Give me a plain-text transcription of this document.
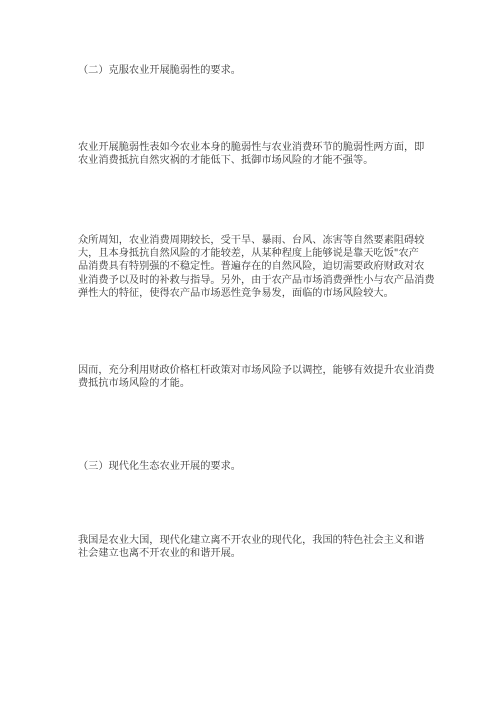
（二）克服农业开展脆弱性的要求。

农业开展脆弱性表如今农业本身的脆弱性与农业消费环节的脆弱性两方面，即
农业消费抵抗自然灾祸的才能低下、抵御市场风险的才能不强等。

众所周知，农业消费周期较长，受干旱、暴雨、台风、冻害等自然要素阻碍较
大，且本身抵抗自然风险的才能较差，从某种程度上能够说是靠天吃饭"农产
品消费具有特别强的不稳定性。普遍存在的自然风险，迫切需要政府财政对农
业消费予以及时的补救与指导。另外，由于农产品市场消费弹性小与农产品消费
弹性大的特征，使得农产品市场恶性竞争易发，面临的市场风险较大。

因而，充分利用财政价格杠杆政策对市场风险予以调控，能够有效提升农业消费
费抵抗市场风险的才能。

（三）现代化生态农业开展的要求。

我国是农业大国，现代化建立离不开农业的现代化，我国的特色社会主义和谐
社会建立也离不开农业的和谐开展。
